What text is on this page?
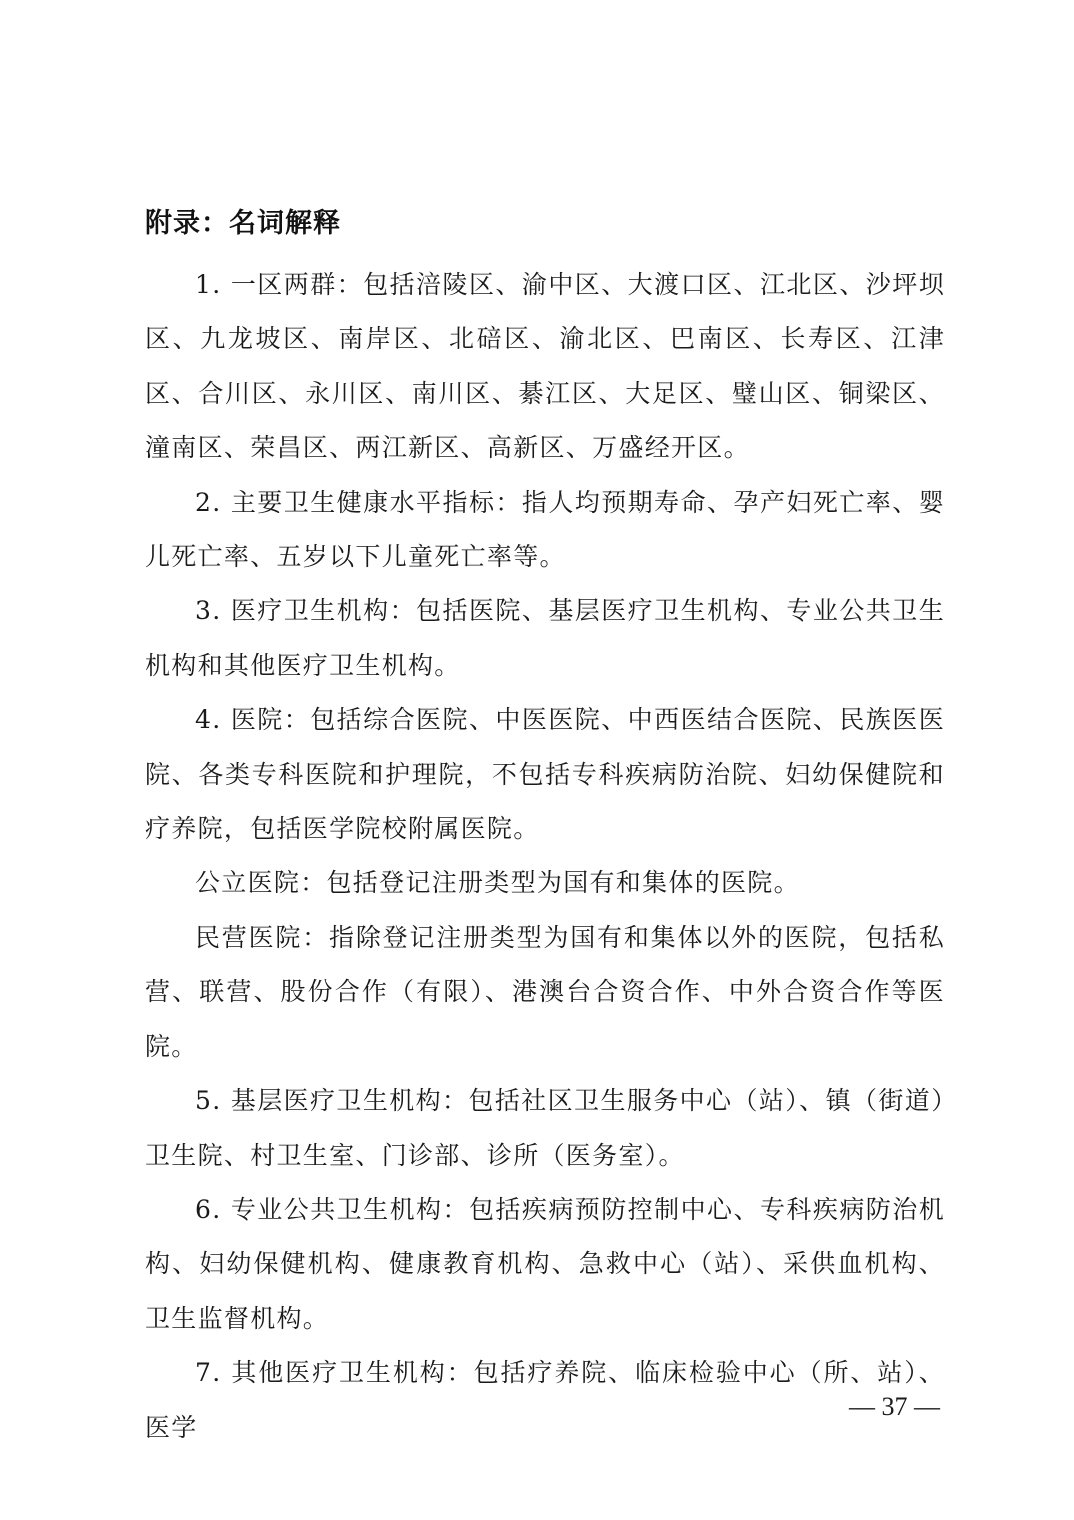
附录：名词解释

1. 一区两群：包括涪陵区、渝中区、大渡口区、江北区、沙坪坝区、九龙坡区、南岸区、北碚区、渝北区、巴南区、长寿区、江津区、合川区、永川区、南川区、綦江区、大足区、璧山区、铜梁区、潼南区、荣昌区、两江新区、高新区、万盛经开区。

2. 主要卫生健康水平指标：指人均预期寿命、孕产妇死亡率、婴儿死亡率、五岁以下儿童死亡率等。

3. 医疗卫生机构：包括医院、基层医疗卫生机构、专业公共卫生机构和其他医疗卫生机构。

4. 医院：包括综合医院、中医医院、中西医结合医院、民族医医院、各类专科医院和护理院，不包括专科疾病防治院、妇幼保健院和疗养院，包括医学院校附属医院。

公立医院：包括登记注册类型为国有和集体的医院。

民营医院：指除登记注册类型为国有和集体以外的医院，包括私营、联营、股份合作（有限）、港澳台合资合作、中外合资合作等医院。

5. 基层医疗卫生机构：包括社区卫生服务中心（站）、镇（街道）卫生院、村卫生室、门诊部、诊所（医务室）。

6. 专业公共卫生机构：包括疾病预防控制中心、专科疾病防治机构、妇幼保健机构、健康教育机构、急救中心（站）、采供血机构、卫生监督机构。

7. 其他医疗卫生机构：包括疗养院、临床检验中心（所、站）、医学

— 37 —
